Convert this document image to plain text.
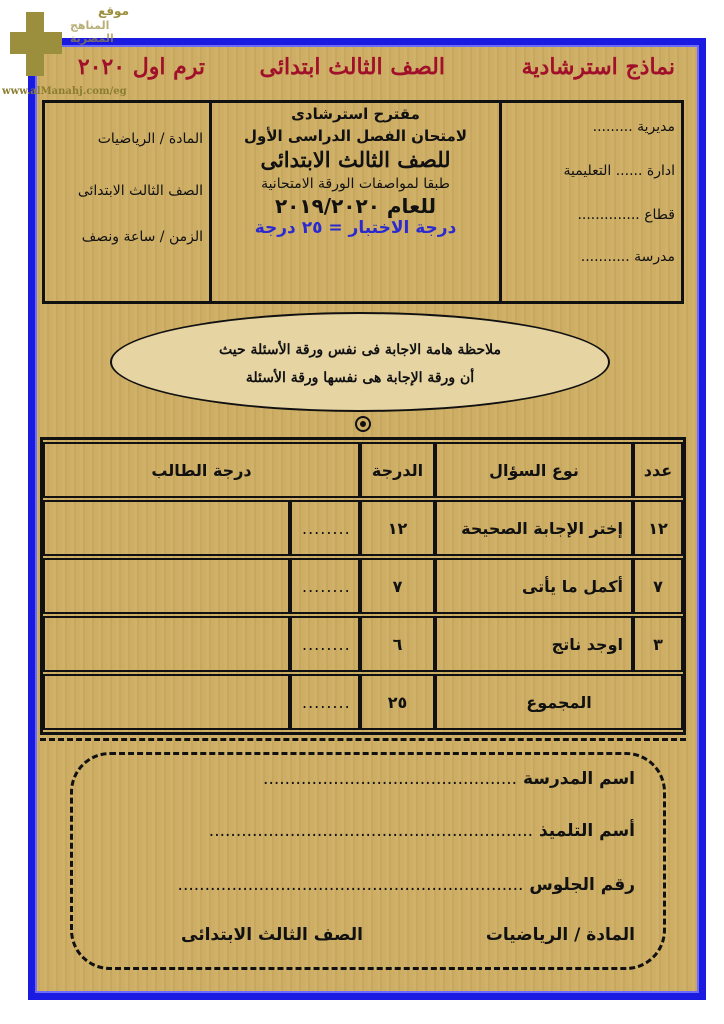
موقع
المناهج المصرية
www.alManahj.com/eg
نماذج استرشادية
الصف الثالث ابتدائى
ترم اول ٢٠٢٠
مديرية .........
ادارة ...... التعليمية
قطاع ..............
مدرسة ...........
مقترح استرشادى
لامتحان الفصل الدراسى الأول
للصف الثالث الابتدائى
طبقا لمواصفات الورقة الامتحانية
للعام ٢٠١٩/٢٠٢٠
درجة الاختبار = ٢٥ درجة
المادة / الرياضيات
الصف الثالث الابتدائى
الزمن / ساعة ونصف
ملاحظة هامة الاجابة فى نفس ورقة الأسئلة حيث
أن ورقة الإجابة هى نفسها ورقة الأسئلة
عدد	نوع السؤال	الدرجة	درجة الطالب	
١٢	إختر الإجابة الصحيحة	١٢	........	
٧	أكمل ما يأتى	٧	........	
٣	اوجد ناتج	٦	........	
المجموع		٢٥	........	
اسم المدرسة ...............................................
أسم التلميذ ............................................................
رقم الجلوس ................................................................
المادة / الرياضيات
الصف الثالث الابتدائى
